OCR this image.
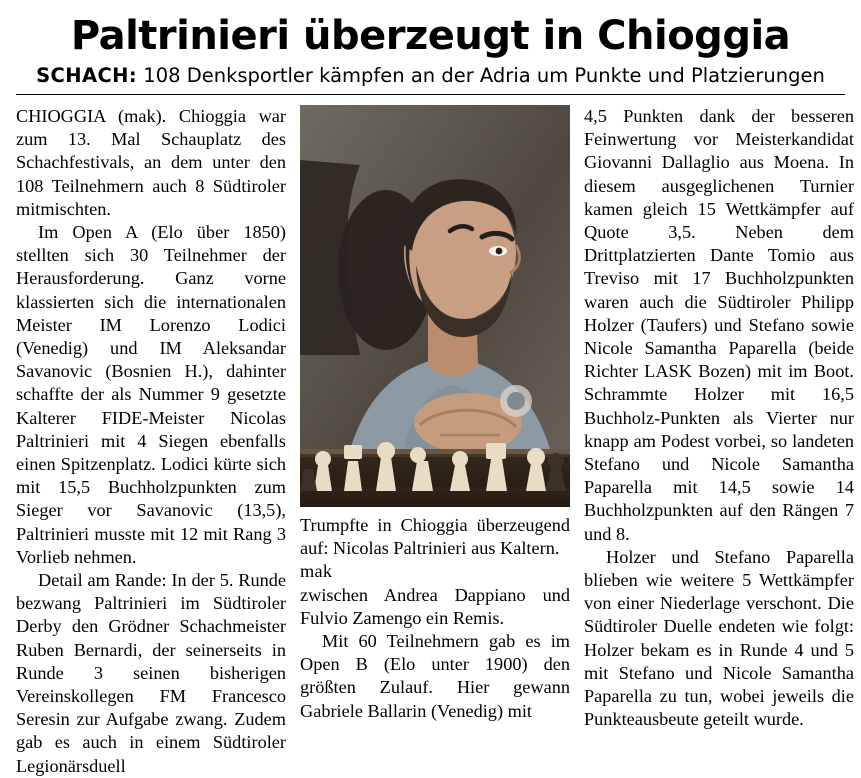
Paltrinieri überzeugt in Chioggia
SCHACH: 108 Denksportler kämpfen an der Adria um Punkte und Platzierungen

CHIOGGIA (mak). Chioggia war zum 13. Mal Schauplatz des Schachfestivals, an dem unter den 108 Teilnehmern auch 8 Südtiroler mitmischten.

Im Open A (Elo über 1850) stellten sich 30 Teilnehmer der Herausforderung. Ganz vorne klassierten sich die internationalen Meister IM Lorenzo Lodici (Venedig) und IM Aleksandar Savanovic (Bosnien H.), dahinter schaffte der als Nummer 9 gesetzte Kalterer FIDE-Meister Nicolas Paltrinieri mit 4 Siegen ebenfalls einen Spitzenplatz. Lodici kürte sich mit 15,5 Buchholzpunkten zum Sieger vor Savanovic (13,5), Paltrinieri musste mit 12 mit Rang 3 Vorlieb nehmen.

Detail am Rande: In der 5. Runde bezwang Paltrinieri im Südtiroler Derby den Grödner Schachmeister Ruben Bernardi, der seinerseits in Runde 3 seinen bisherigen Vereinskollegen FM Francesco Seresin zur Aufgabe zwang. Zudem gab es auch in einem Südtiroler Legionärsduell

Trumpfte in Chioggia überzeugend auf: Nicolas Paltrinieri aus Kaltern.

mak

zwischen Andrea Dappiano und Fulvio Zamengo ein Remis.

Mit 60 Teilnehmern gab es im Open B (Elo unter 1900) den größten Zulauf. Hier gewann Gabriele Ballarin (Venedig) mit

4,5 Punkten dank der besseren Feinwertung vor Meisterkandidat Giovanni Dallaglio aus Moena. In diesem ausgeglichenen Turnier kamen gleich 15 Wettkämpfer auf Quote 3,5. Neben dem Drittplatzierten Dante Tomio aus Treviso mit 17 Buchholzpunkten waren auch die Südtiroler Philipp Holzer (Taufers) und Stefano sowie Nicole Samantha Paparella (beide Richter LASK Bozen) mit im Boot. Schrammte Holzer mit 16,5 Buchholz-Punkten als Vierter nur knapp am Podest vorbei, so landeten Stefano und Nicole Samantha Paparella mit 14,5 sowie 14 Buchholzpunkten auf den Rängen 7 und 8.

Holzer und Stefano Paparella blieben wie weitere 5 Wettkämpfer von einer Niederlage verschont. Die Südtiroler Duelle endeten wie folgt: Holzer bekam es in Runde 4 und 5 mit Stefano und Nicole Samantha Paparella zu tun, wobei jeweils die Punkteausbeute geteilt wurde.
